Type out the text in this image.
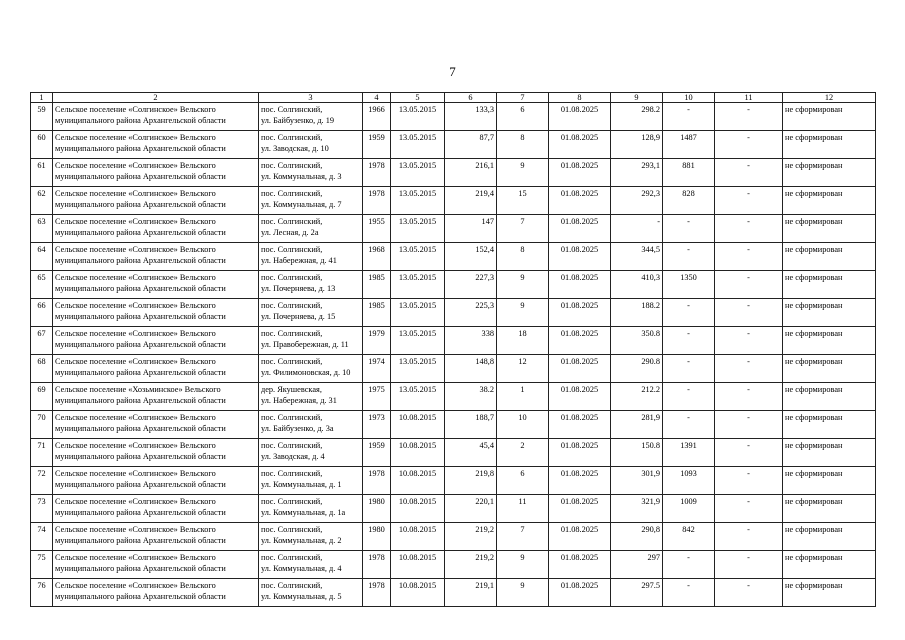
7
1	2	3	4	5	6	7	8	9	10	11	12
59	Сельское поселение «Солгинское» Вельского
муниципального района Архангельской области	пос. Солгинский,
ул. Байбузенко, д. 19	1966	13.05.2015	133,3	6	01.08.2025	298.2	-	-	не сформирован
60	Сельское поселение «Солгинское» Вельского
муниципального района Архангельской области	пос. Солгинский,
ул. Заводская, д. 10	1959	13.05.2015	87,7	8	01.08.2025	128,9	1487	-	не сформирован
61	Сельское поселение «Солгинское» Вельского
муниципального района Архангельской области	пос. Солгинский,
ул. Коммунальная, д. 3	1978	13.05.2015	216,1	9	01.08.2025	293,1	881	-	не сформирован
62	Сельское поселение «Солгинское» Вельского
муниципального района Архангельской области	пос. Солгинский,
ул. Коммунальная, д. 7	1978	13.05.2015	219,4	15	01.08.2025	292,3	828	-	не сформирован
63	Сельское поселение «Солгинское» Вельского
муниципального района Архангельской области	пос. Солгинский,
ул. Лесная, д. 2а	1955	13.05.2015	147	7	01.08.2025	-	-	-	не сформирован
64	Сельское поселение «Солгинское» Вельского
муниципального района Архангельской области	пос. Солгинский,
ул. Набережная, д. 41	1968	13.05.2015	152,4	8	01.08.2025	344,5	-	-	не сформирован
65	Сельское поселение «Солгинское» Вельского
муниципального района Архангельской области	пос. Солгинский,
ул. Почерняева, д. 13	1985	13.05.2015	227,3	9	01.08.2025	410,3	1350	-	не сформирован
66	Сельское поселение «Солгинское» Вельского
муниципального района Архангельской области	пос. Солгинский,
ул. Почерняева, д. 15	1985	13.05.2015	225,3	9	01.08.2025	188.2	-	-	не сформирован
67	Сельское поселение «Солгинское» Вельского
муниципального района Архангельской области	пос. Солгинский,
ул. Правобережная, д. 11	1979	13.05.2015	338	18	01.08.2025	350.8	-	-	не сформирован
68	Сельское поселение «Солгинское» Вельского
муниципального района Архангельской области	пос. Солгинский,
ул. Филимоновская, д. 10	1974	13.05.2015	148,8	12	01.08.2025	290.8	-	-	не сформирован
69	Сельское поселение «Хозьминское» Вельского
муниципального района Архангельской области	дер. Якушевская,
ул. Набережная, д. 31	1975	13.05.2015	38.2	1	01.08.2025	212.2	-	-	не сформирован
70	Сельское поселение «Солгинское» Вельского
муниципального района Архангельской области	пос. Солгинский,
ул. Байбузенко, д. 3а	1973	10.08.2015	188,7	10	01.08.2025	281,9	-	-	не сформирован
71	Сельское поселение «Солгинское» Вельского
муниципального района Архангельской области	пос. Солгинский,
ул. Заводская, д. 4	1959	10.08.2015	45,4	2	01.08.2025	150.8	1391	-	не сформирован
72	Сельское поселение «Солгинское» Вельского
муниципального района Архангельской области	пос. Солгинский,
ул. Коммунальная, д. 1	1978	10.08.2015	219,8	6	01.08.2025	301,9	1093	-	не сформирован
73	Сельское поселение «Солгинское» Вельского
муниципального района Архангельской области	пос. Солгинский,
ул. Коммунальная, д. 1а	1980	10.08.2015	220,1	11	01.08.2025	321,9	1009	-	не сформирован
74	Сельское поселение «Солгинское» Вельского
муниципального района Архангельской области	пос. Солгинский,
ул. Коммунальная, д. 2	1980	10.08.2015	219,2	7	01.08.2025	290,8	842	-	не сформирован
75	Сельское поселение «Солгинское» Вельского
муниципального района Архангельской области	пос. Солгинский,
ул. Коммунальная, д. 4	1978	10.08.2015	219,2	9	01.08.2025	297	-	-	не сформирован
76	Сельское поселение «Солгинское» Вельского
муниципального района Архангельской области	пос. Солгинский,
ул. Коммунальная, д. 5	1978	10.08.2015	219,1	9	01.08.2025	297.5	-	-	не сформирован
